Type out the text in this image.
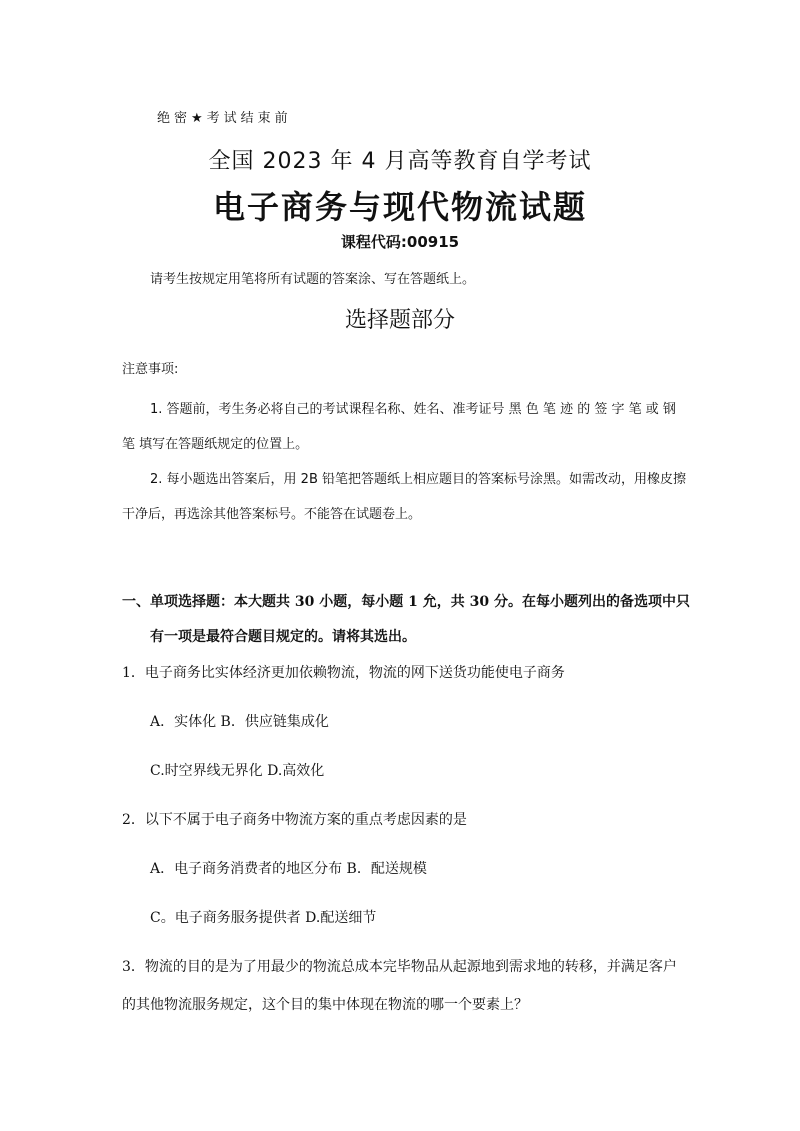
绝密★考试结束前
全国 2023 年 4 月高等教育自学考试
电子商务与现代物流试题
课程代码:00915
请考生按规定用笔将所有试题的答案涂、写在答题纸上。
选择题部分
注意事项:
1. 答题前，考生务必将自己的考试课程名称、姓名、准考证号 黑 色 笔 迹 的 签 字 笔 或 钢
笔 填写在答题纸规定的位置上。
2. 每小题选出答案后，用 2B 铅笔把答题纸上相应题目的答案标号涂黑。如需改动，用橡皮擦
干净后，再选涂其他答案标号。不能答在试题卷上。
一、单项选择题：本大题共 30 小题，每小题 1 允，共 30 分。在每小题列出的备选项中只
有一项是最符合题目规定的。请将其选出。
1．电子商务比实体经济更加依赖物流，物流的网下送货功能使电子商务
A．实体化 B．供应链集成化
C.时空界线无界化 D.高效化
2．以下不属于电子商务中物流方案的重点考虑因素的是
A．电子商务消费者的地区分布 B．配送规模
C。电子商务服务提供者 D.配送细节
3．物流的目的是为了用最少的物流总成本完毕物品从起源地到需求地的转移，并满足客户
的其他物流服务规定，这个目的集中体现在物流的哪一个要素上？
